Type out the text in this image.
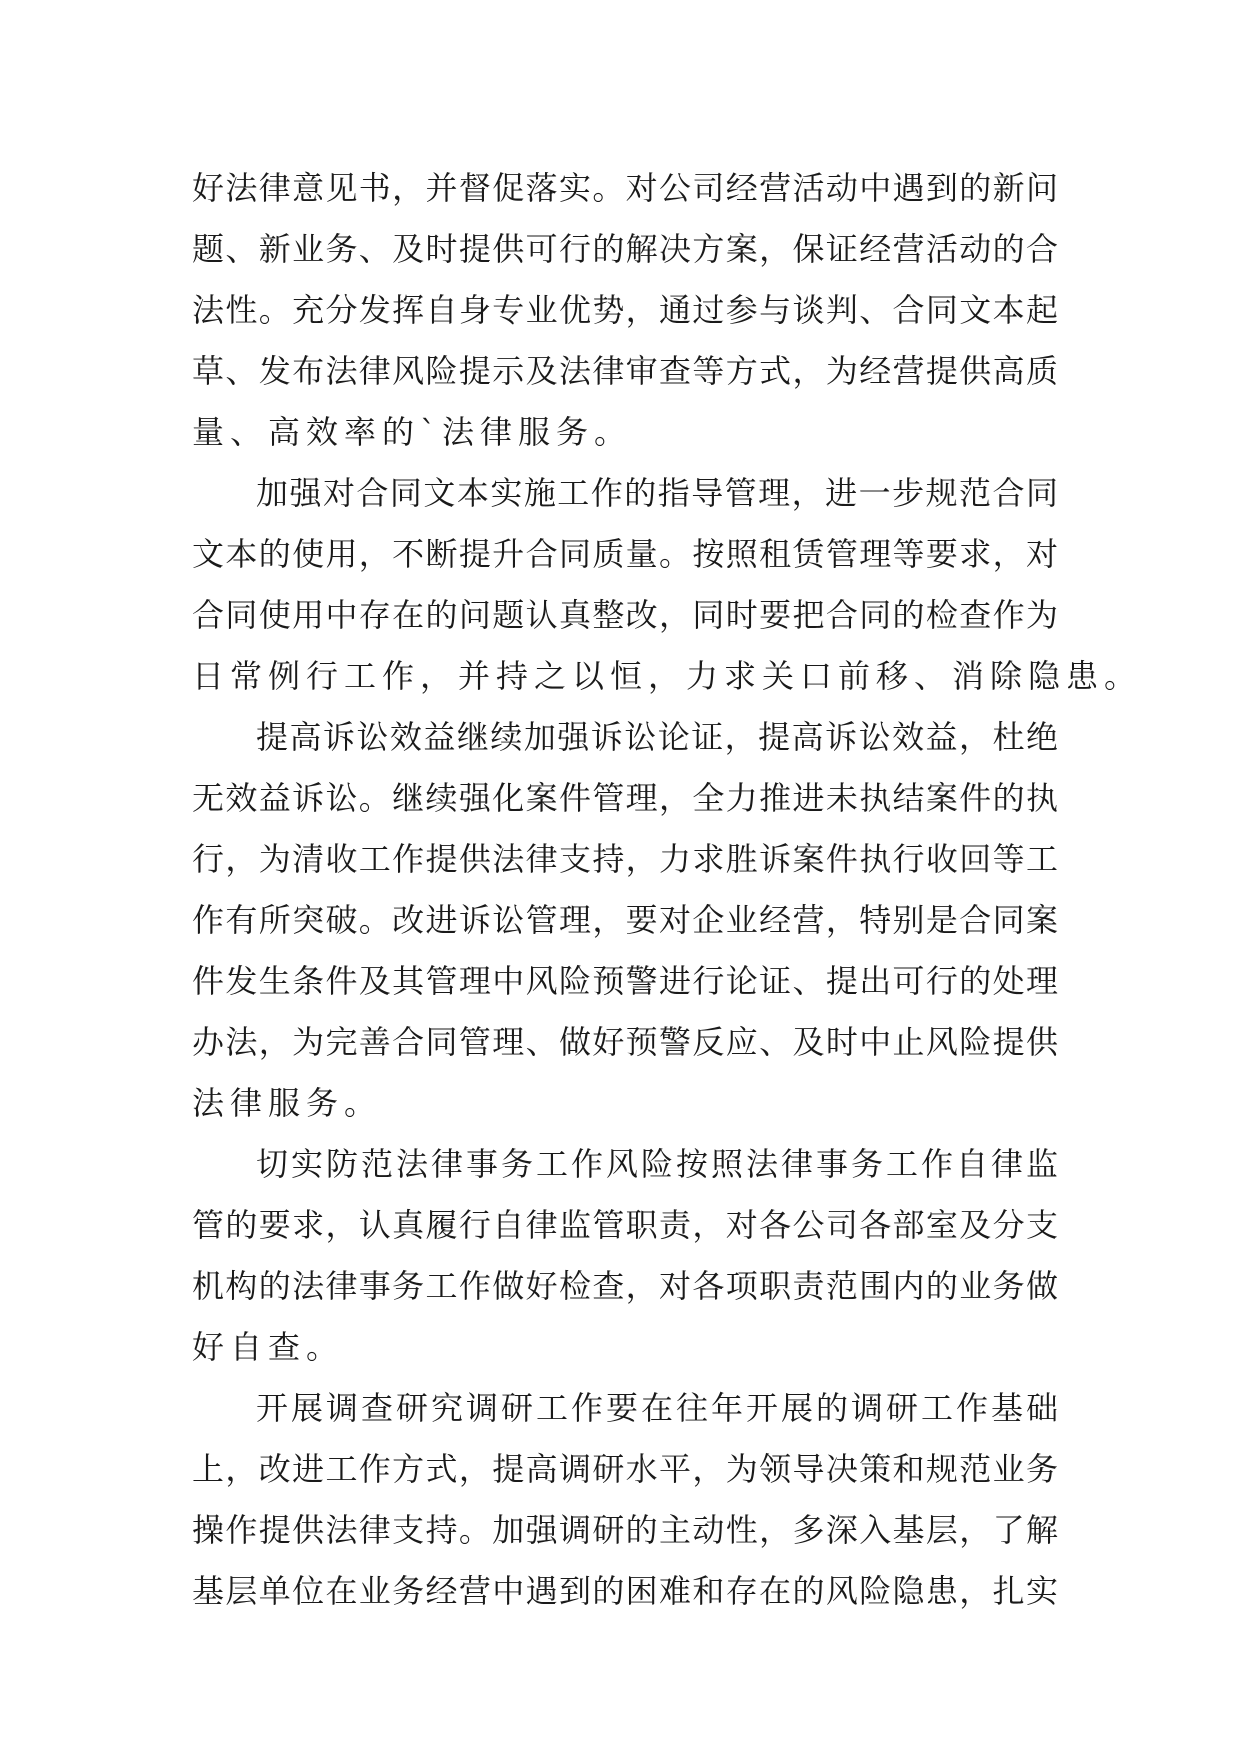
好法律意见书，并督促落实。对公司经营活动中遇到的新问
题、新业务、及时提供可行的解决方案，保证经营活动的合
法性。充分发挥自身专业优势，通过参与谈判、合同文本起
草、发布法律风险提示及法律审查等方式，为经营提供高质
量、高效率的`法律服务。
加强对合同文本实施工作的指导管理，进一步规范合同
文本的使用，不断提升合同质量。按照租赁管理等要求，对
合同使用中存在的问题认真整改，同时要把合同的检查作为
日常例行工作，并持之以恒，力求关口前移、消除隐患。
提高诉讼效益继续加强诉讼论证，提高诉讼效益，杜绝
无效益诉讼。继续强化案件管理，全力推进未执结案件的执
行，为清收工作提供法律支持，力求胜诉案件执行收回等工
作有所突破。改进诉讼管理，要对企业经营，特别是合同案
件发生条件及其管理中风险预警进行论证、提出可行的处理
办法，为完善合同管理、做好预警反应、及时中止风险提供
法律服务。
切实防范法律事务工作风险按照法律事务工作自律监
管的要求，认真履行自律监管职责，对各公司各部室及分支
机构的法律事务工作做好检查，对各项职责范围内的业务做
好自查。
开展调查研究调研工作要在往年开展的调研工作基础
上，改进工作方式，提高调研水平，为领导决策和规范业务
操作提供法律支持。加强调研的主动性，多深入基层，了解
基层单位在业务经营中遇到的困难和存在的风险隐患，扎实
